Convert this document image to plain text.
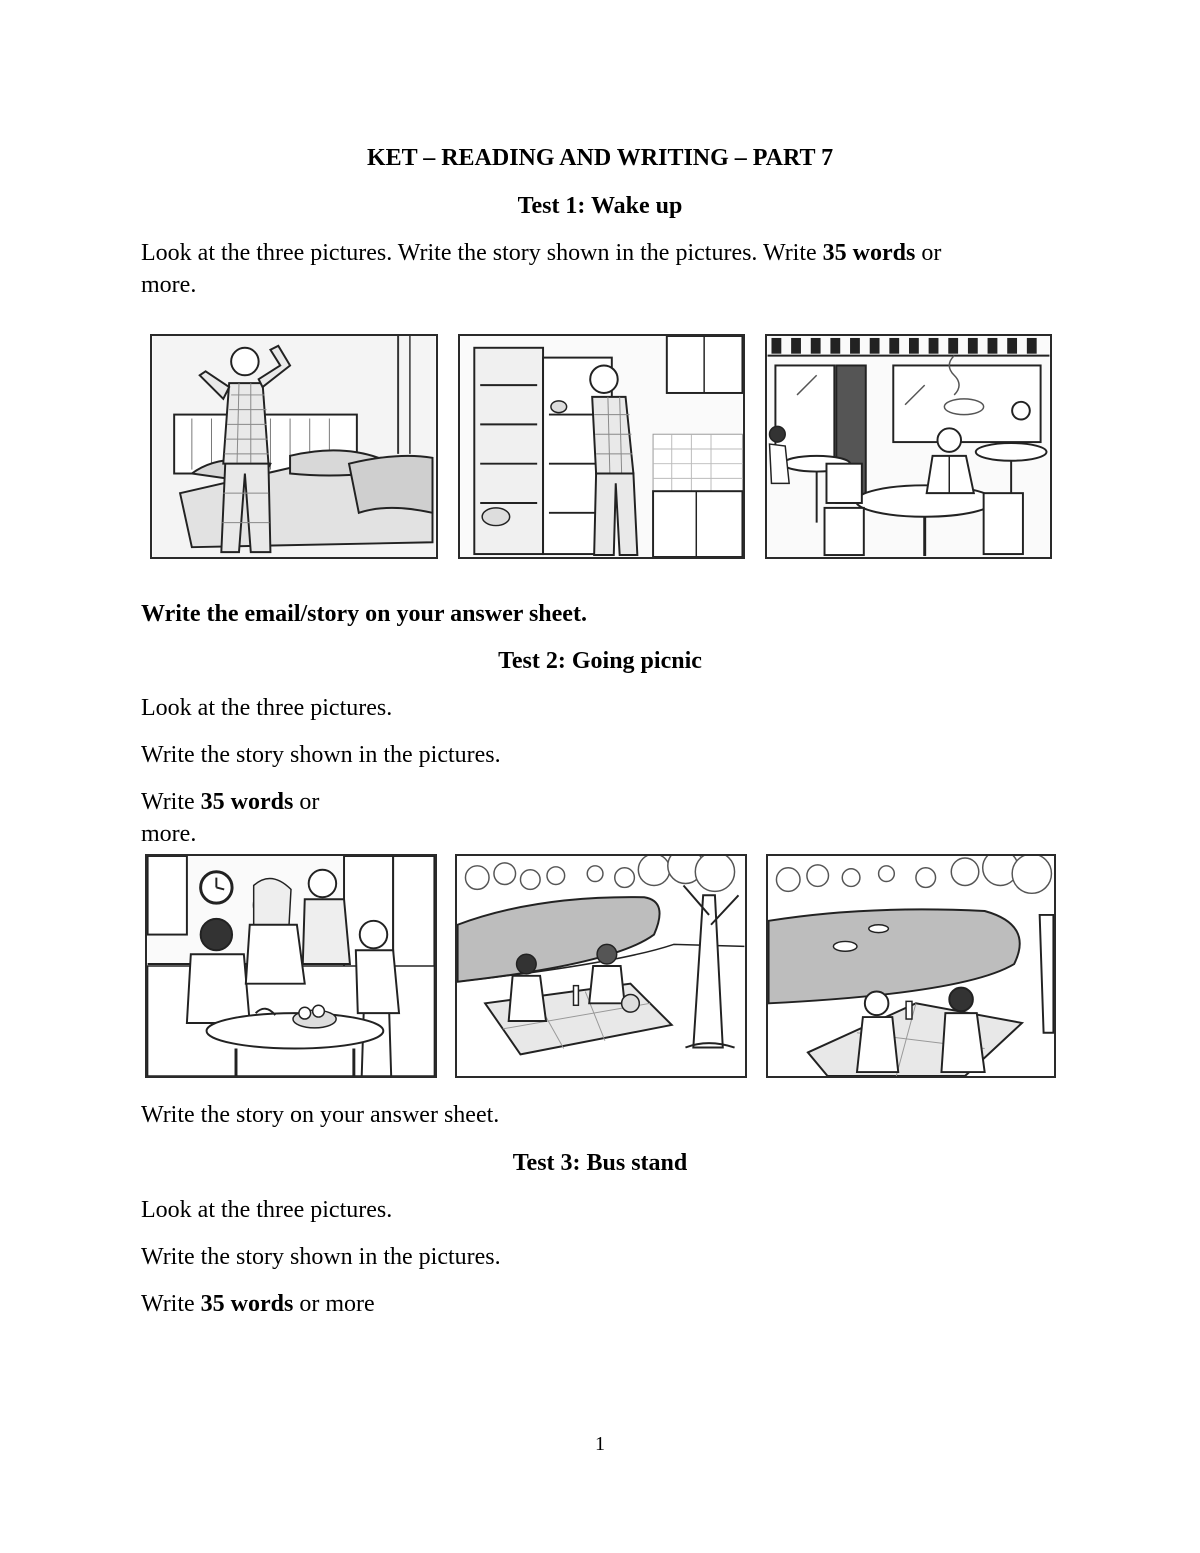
KET – READING AND WRITING – PART 7

Test 1: Wake up

Look at the three pictures. Write the story shown in the pictures. Write 35 words or

more.

Write the email/story on your answer sheet.

Test 2: Going picnic

Look at the three pictures.

Write the story shown in the pictures.

Write 35 words or

more.

Write the story on your answer sheet.

Test 3: Bus stand

Look at the three pictures.

Write the story shown in the pictures.

Write 35 words or more

1
